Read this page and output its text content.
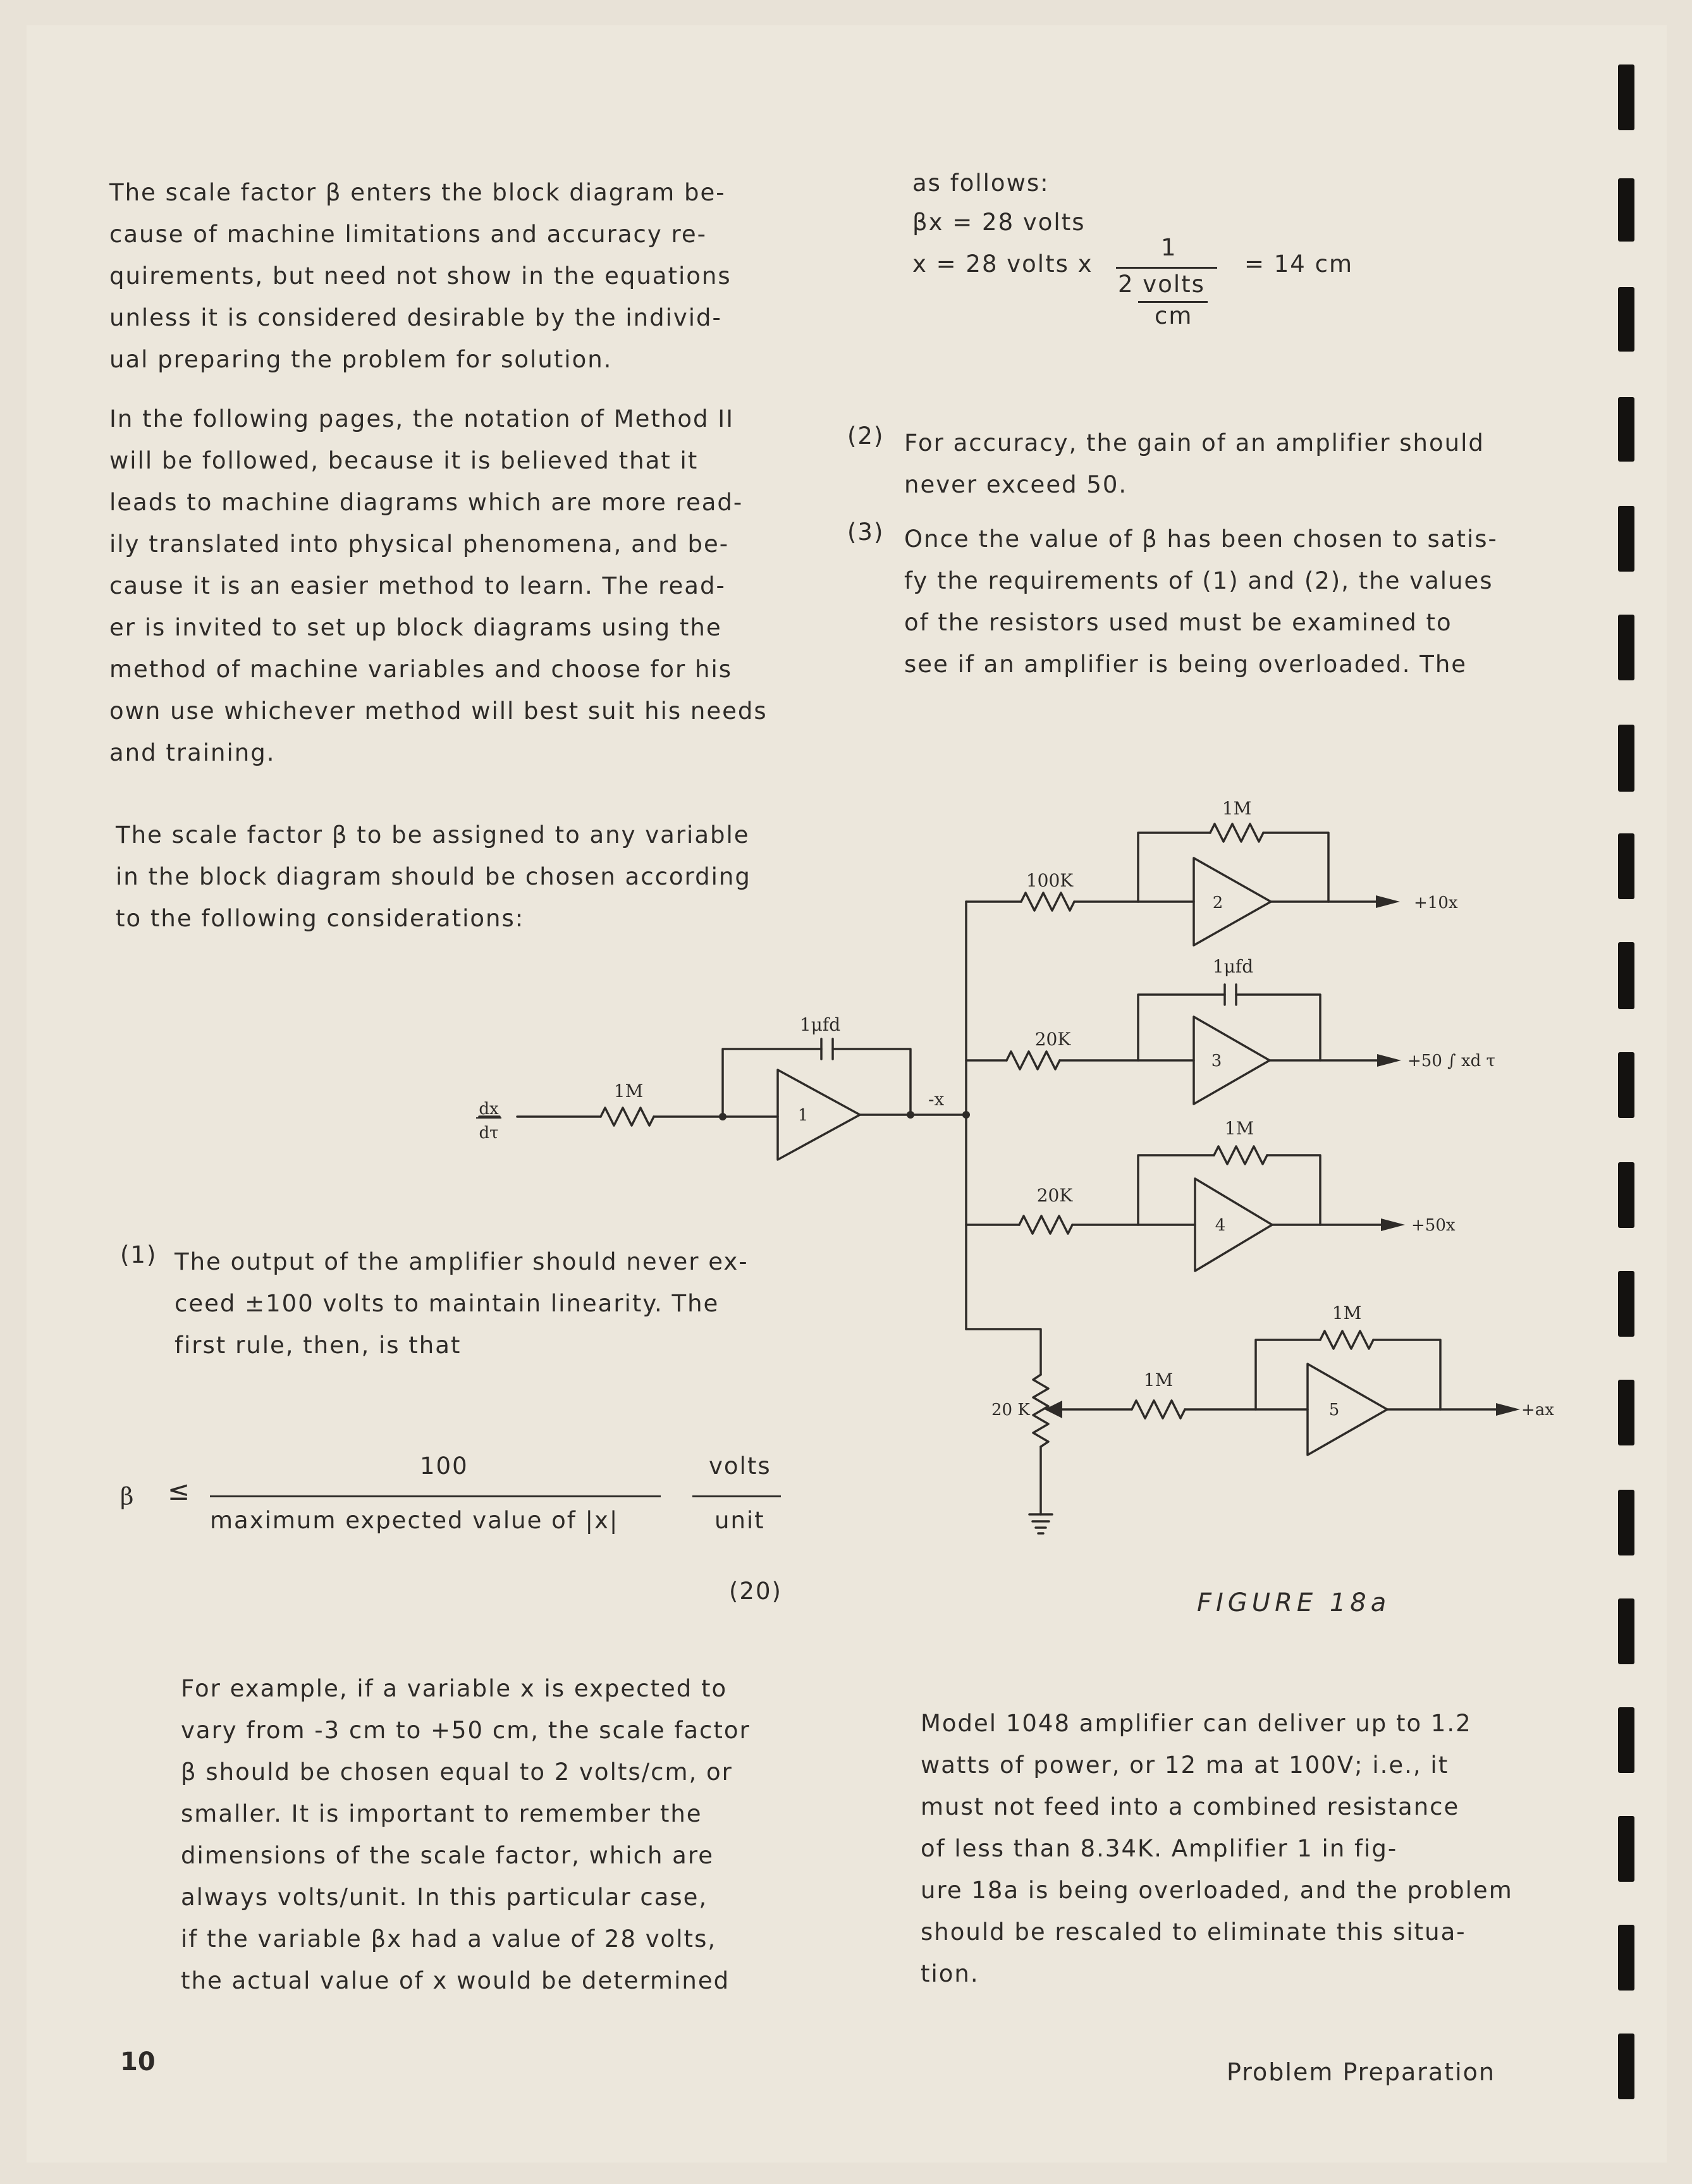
The scale factor β enters the block diagram be-
cause of machine limitations and accuracy re-
quirements, but need not show in the equations
unless it is considered desirable by the individ-
ual preparing the problem for solution.
In the following pages, the notation of Method II
will be followed, because it is believed that it
leads to machine diagrams which are more read-
ily translated into physical phenomena, and be-
cause it is an easier method to learn. The read-
er is invited to set up block diagrams using the
method of machine variables and choose for his
own use whichever method will best suit his needs
and training.
The scale factor β to be assigned to any variable
in the block diagram should be chosen according
to the following considerations:
(1) The output of the amplifier should never ex-
ceed ±100 volts to maintain linearity. The
first rule, then, is that
β ≤
100
maximum expected value of |x|
volts
unit
(20)
For example, if a variable x is expected to
vary from -3 cm to +50 cm, the scale factor
β should be chosen equal to 2 volts/cm, or
smaller. It is important to remember the
dimensions of the scale factor, which are
always volts/unit. In this particular case,
if the variable βx had a value of 28 volts,
the actual value of x would be determined
as follows:
βx = 28 volts
x = 28 volts x
1
2 volts
cm
= 14 cm
(2) For accuracy, the gain of an amplifier should
never exceed 50.
(3) Once the value of β has been chosen to satis-
fy the requirements of (1) and (2), the values
of the resistors used must be examined to
see if an amplifier is being overloaded. The
dx
dτ
1M
1μfd
1
-x
1M
100K
2	+10x
1μfd
20K
3	+50 ∫ xd τ
1M
20K
4	+50x
1M
1M
20 K	5	+ax
FIGURE 18a
Model 1048 amplifier can deliver up to 1.2
watts of power, or 12 ma at 100V; i.e., it
must not feed into a combined resistance
of less than 8.34K. Amplifier 1 in fig-
ure 18a is being overloaded, and the problem
should be rescaled to eliminate this situa-
tion.
10	Problem Preparation
